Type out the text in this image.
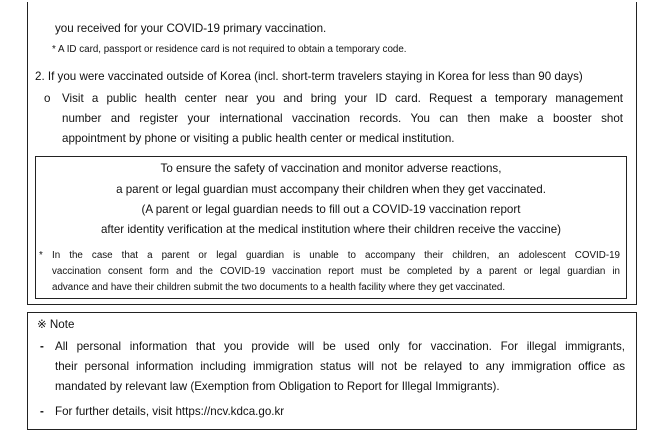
you received for your COVID-19 primary vaccination.
* A ID card, passport or residence card is not required to obtain a temporary code.
2. If you were vaccinated outside of Korea (incl. short-term travelers staying in Korea for less than 90 days)
o Visit a public health center near you and bring your ID card. Request a temporary management
number and register your international vaccination records. You can then make a booster shot
appointment by phone or visiting a public health center or medical institution.
To ensure the safety of vaccination and monitor adverse reactions,
a parent or legal guardian must accompany their children when they get vaccinated.
(A parent or legal guardian needs to fill out a COVID-19 vaccination report
after identity verification at the medical institution where their children receive the vaccine)
* In the case that a parent or legal guardian is unable to accompany their children, an adolescent COVID-19
vaccination consent form and the COVID-19 vaccination report must be completed by a parent or legal guardian in
advance and have their children submit the two documents to a health facility where they get vaccinated.
※ Note
- All personal information that you provide will be used only for vaccination. For illegal immigrants,
their personal information including immigration status will not be relayed to any immigration office as
mandated by relevant law (Exemption from Obligation to Report for Illegal Immigrants).
- For further details, visit https://ncv.kdca.go.kr
